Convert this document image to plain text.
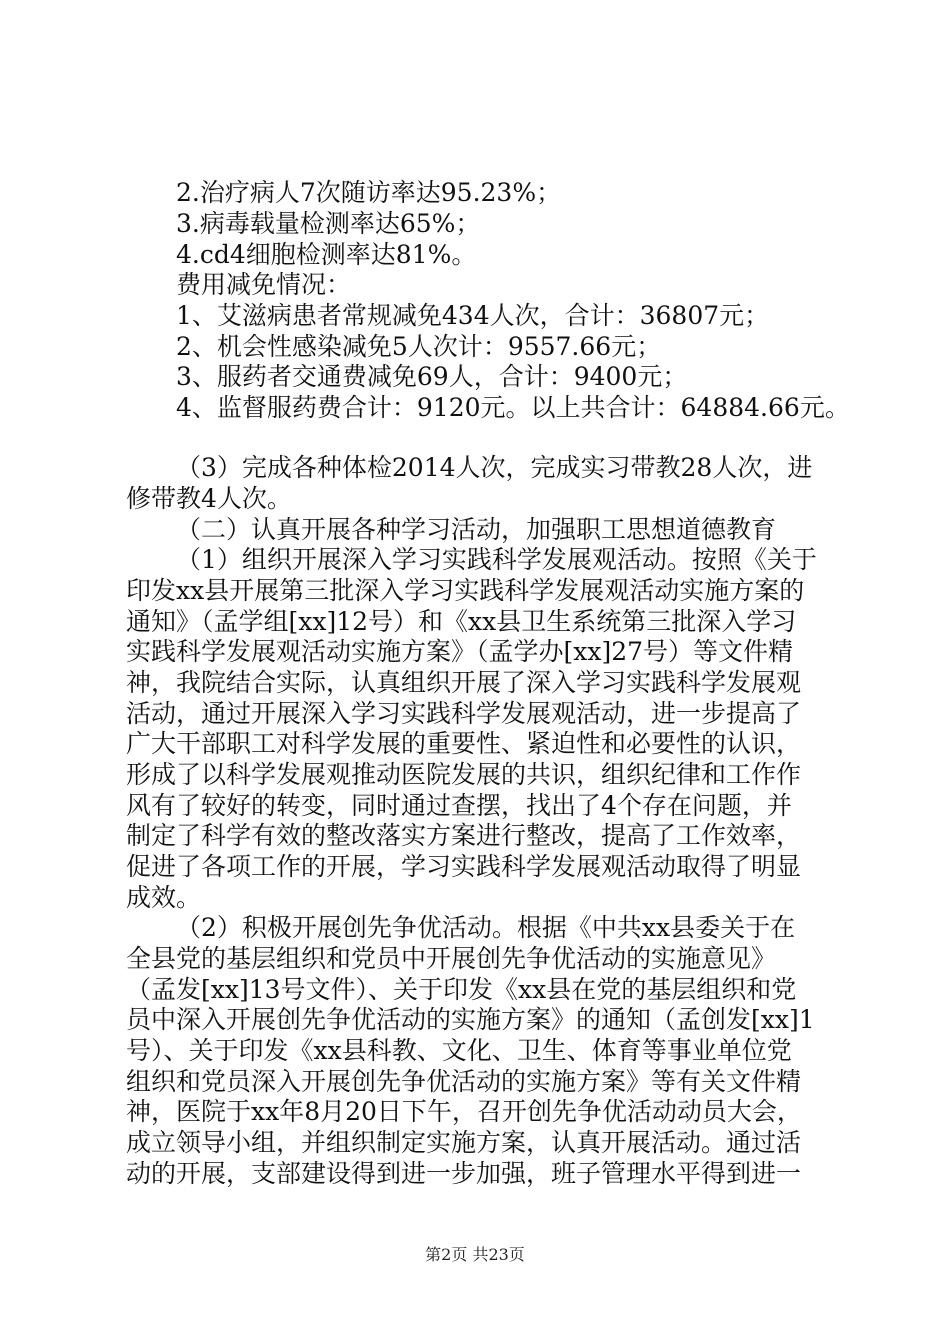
2.治疗病人7次随访率达95.23%；
3.病毒载量检测率达65%；
4.cd4细胞检测率达81%。
费用减免情况：
1、艾滋病患者常规减免434人次，合计：36807元；
2、机会性感染减免5人次计：9557.66元；
3、服药者交通费减免69人，合计：9400元；
4、监督服药费合计：9120元。以上共合计：64884.66元。
（3）完成各种体检2014人次，完成实习带教28人次，进
修带教4人次。
（二）认真开展各种学习活动，加强职工思想道德教育
（1）组织开展深入学习实践科学发展观活动。按照《关于
印发xx县开展第三批深入学习实践科学发展观活动实施方案的
通知》（孟学组[xx]12号）和《xx县卫生系统第三批深入学习
实践科学发展观活动实施方案》（孟学办[xx]27号）等文件精
神，我院结合实际，认真组织开展了深入学习实践科学发展观
活动，通过开展深入学习实践科学发展观活动，进一步提高了
广大干部职工对科学发展的重要性、紧迫性和必要性的认识，
形成了以科学发展观推动医院发展的共识，组织纪律和工作作
风有了较好的转变，同时通过查摆，找出了4个存在问题，并
制定了科学有效的整改落实方案进行整改，提高了工作效率，
促进了各项工作的开展，学习实践科学发展观活动取得了明显
成效。
（2）积极开展创先争优活动。根据《中共xx县委关于在
全县党的基层组织和党员中开展创先争优活动的实施意见》
（孟发[xx]13号文件）、关于印发《xx县在党的基层组织和党
员中深入开展创先争优活动的实施方案》的通知（孟创发[xx]1
号）、关于印发《xx县科教、文化、卫生、体育等事业单位党
组织和党员深入开展创先争优活动的实施方案》等有关文件精
神，医院于xx年8月20日下午，召开创先争优活动动员大会，
成立领导小组，并组织制定实施方案，认真开展活动。通过活
动的开展，支部建设得到进一步加强，班子管理水平得到进一
第2页 共23页
